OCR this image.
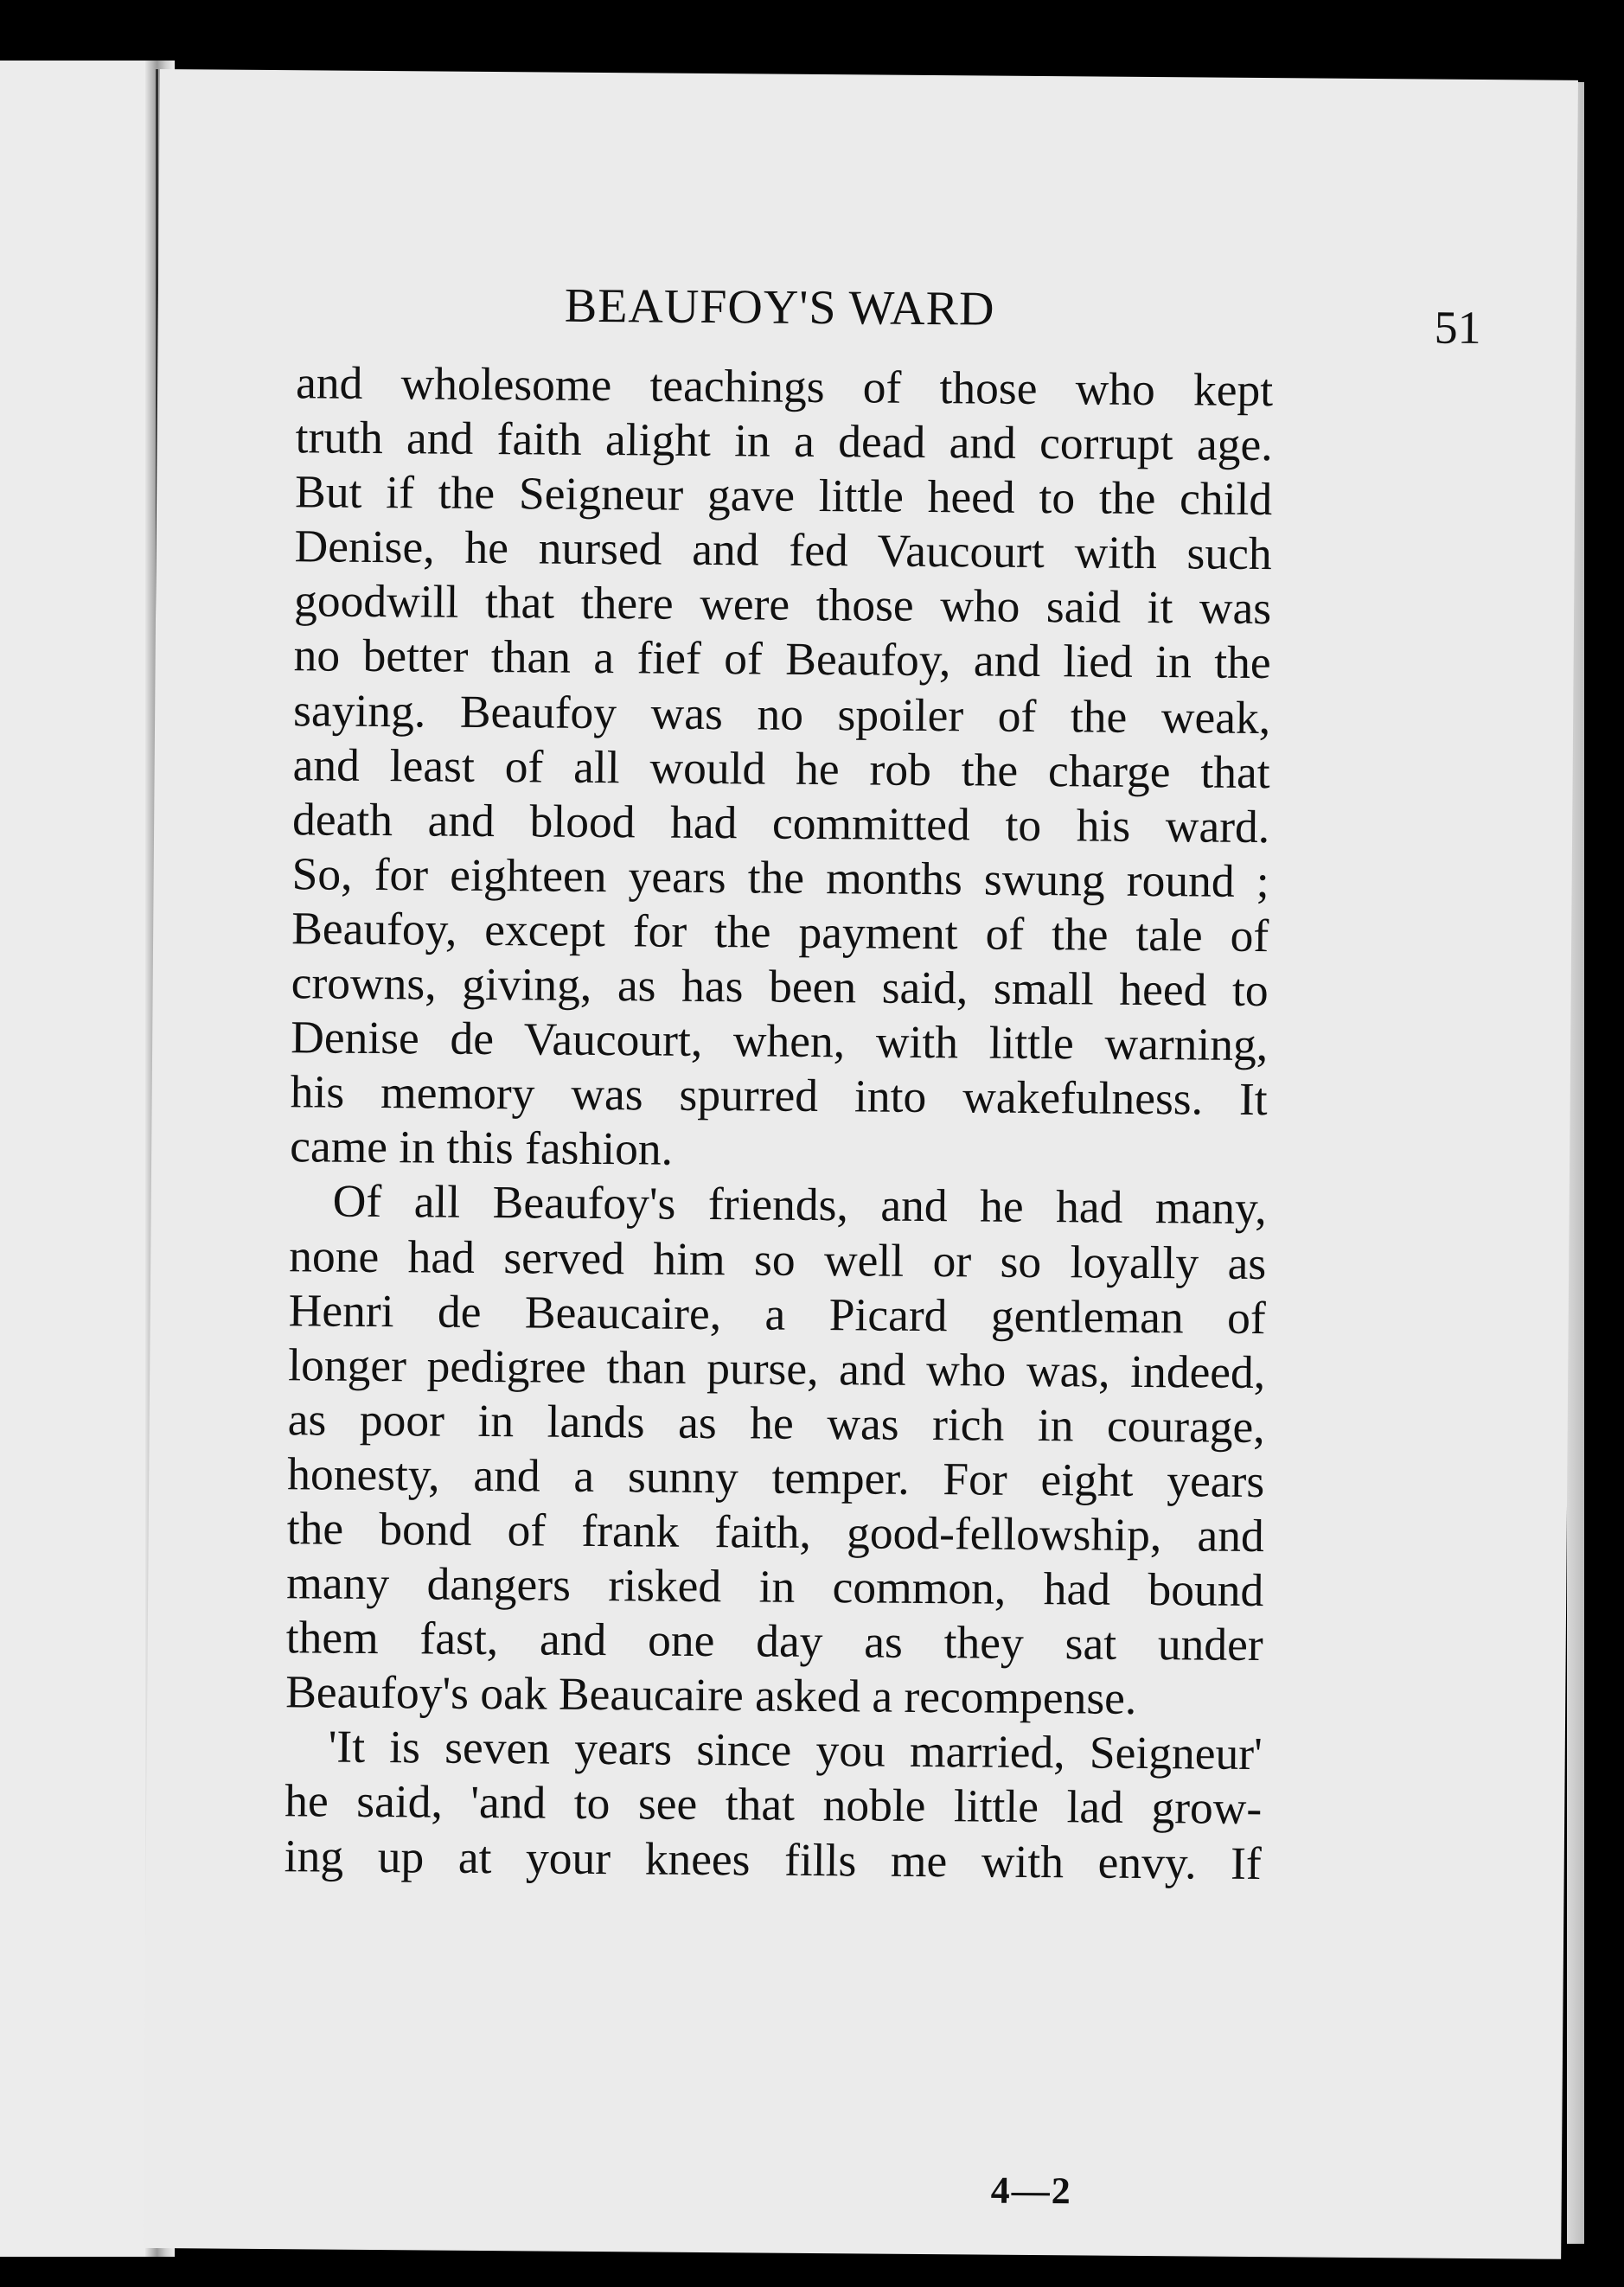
BEAUFOY'S WARD	51
and wholesome teachings of those who kept
truth and faith alight in a dead and corrupt age.
But if the Seigneur gave little heed to the child
Denise, he nursed and fed Vaucourt with such
goodwill that there were those who said it was
no better than a fief of Beaufoy, and lied in the
saying. Beaufoy was no spoiler of the weak,
and least of all would he rob the charge that
death and blood had committed to his ward.
So, for eighteen years the months swung round ;
Beaufoy, except for the payment of the tale of
crowns, giving, as has been said, small heed to
Denise de Vaucourt, when, with little warning,
his memory was spurred into wakefulness. It
came in this fashion.
Of all Beaufoy's friends, and he had many,
none had served him so well or so loyally as
Henri de Beaucaire, a Picard gentleman of
longer pedigree than purse, and who was, indeed,
as poor in lands as he was rich in courage,
honesty, and a sunny temper. For eight years
the bond of frank faith, good-fellowship, and
many dangers risked in common, had bound
them fast, and one day as they sat under
Beaufoy's oak Beaucaire asked a recompense.
'It is seven years since you married, Seigneur'
he said, 'and to see that noble little lad grow-
ing up at your knees fills me with envy. If
4—2
